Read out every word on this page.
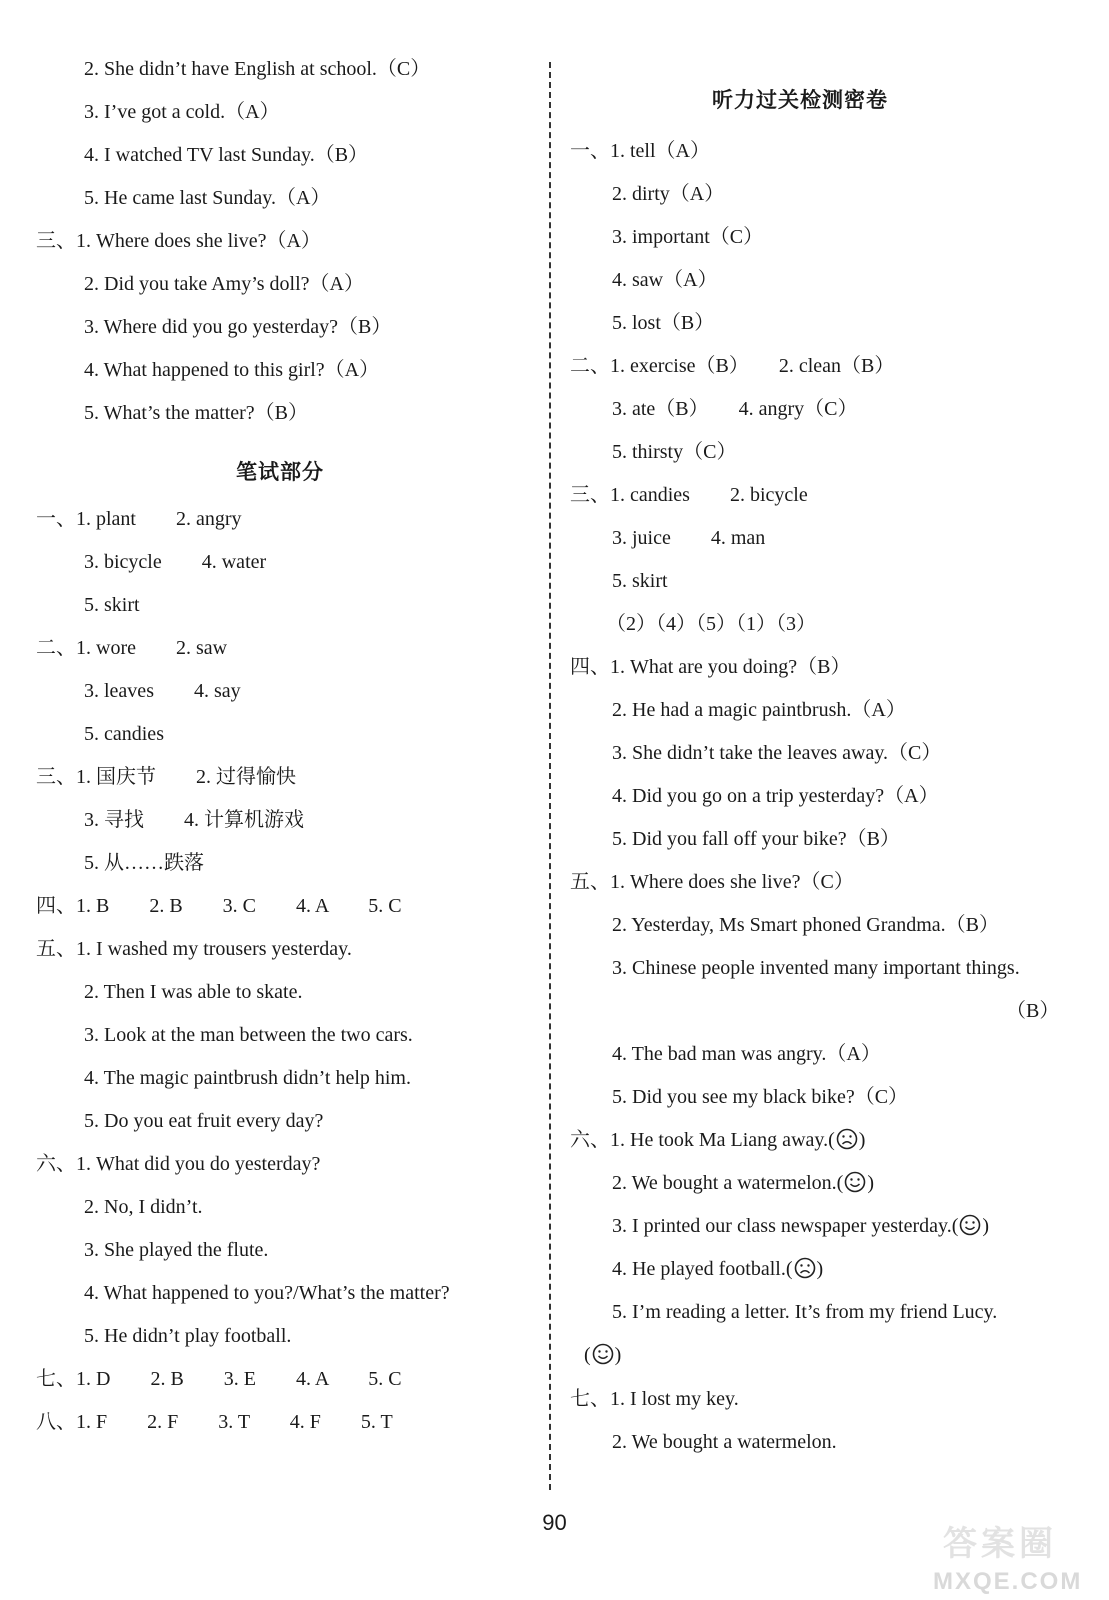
2. She didn’t have English at school.（C）
3. I’ve got a cold.（A）
4. I watched TV last Sunday.（B）
5. He came last Sunday.（A）
三、1. Where does she live?（A）
2. Did you take Amy’s doll?（A）
3. Where did you go yesterday?（B）
4. What happened to this girl?（A）
5. What’s the matter?（B）
笔试部分
一、1. plant　　2. angry
3. bicycle　　4. water
5. skirt
二、1. wore　　2. saw
3. leaves　　4. say
5. candies
三、1. 国庆节　　2. 过得愉快
3. 寻找　　4. 计算机游戏
5. 从……跌落
四、1. B　　2. B　　3. C　　4. A　　5. C
五、1. I washed my trousers yesterday.
2. Then I was able to skate.
3. Look at the man between the two cars.
4. The magic paintbrush didn’t help him.
5. Do you eat fruit every day?
六、1. What did you do yesterday?
2. No, I didn’t.
3. She played the flute.
4. What happened to you?/What’s the matter?
5. He didn’t play football.
七、1. D　　2. B　　3. E　　4. A　　5. C
八、1. F　　2. F　　3. T　　4. F　　5. T
听力过关检测密卷
一、1. tell（A）
2. dirty（A）
3. important（C）
4. saw（A）
5. lost（B）
二、1. exercise（B）　　2. clean（B）
3. ate（B）　　4. angry（C）
5. thirsty（C）
三、1. candies　　2. bicycle
3. juice　　4. man
5. skirt
（2）（4）（5）（1）（3）
四、1. What are you doing?（B）
2. He had a magic paintbrush.（A）
3. She didn’t take the leaves away.（C）
4. Did you go on a trip yesterday?（A）
5. Did you fall off your bike?（B）
五、1. Where does she live?（C）
2. Yesterday, Ms Smart phoned Grandma.（B）
3. Chinese people invented many important things.
（B）
4. The bad man was angry.（A）
5. Did you see my black bike?（C）
六、1. He took Ma Liang away.( )
2. We bought a watermelon.( )
3. I printed our class newspaper yesterday.( )
4. He played football.( )
5. I’m reading a letter. It’s from my friend Lucy.
( )
七、1. I lost my key.
2. We bought a watermelon.
90
答案圈
MXQE.COM
